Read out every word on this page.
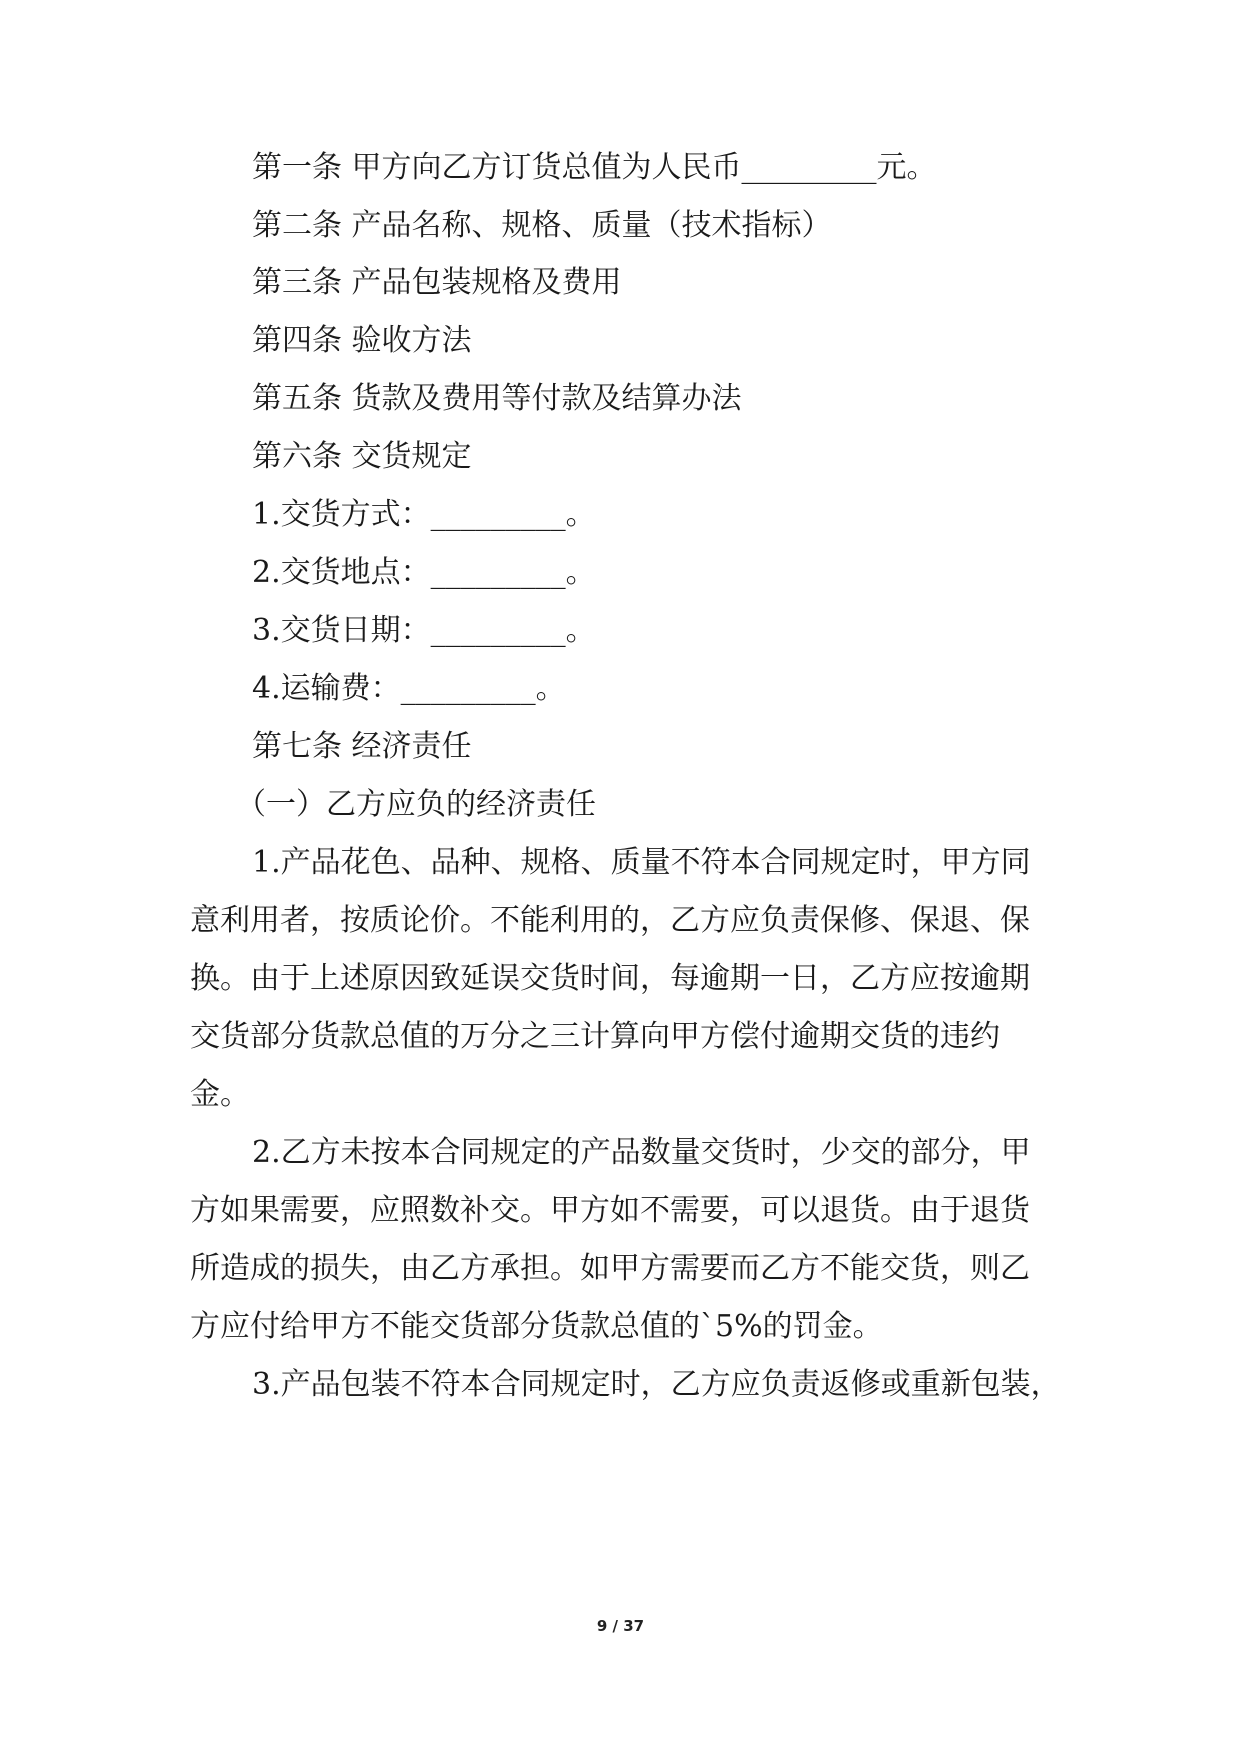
第一条 甲方向乙方订货总值为人民币_________元。
第二条 产品名称、规格、质量（技术指标）
第三条 产品包装规格及费用
第四条 验收方法
第五条 货款及费用等付款及结算办法
第六条 交货规定
1.交货方式：_________。
2.交货地点：_________。
3.交货日期：_________。
4.运输费：_________。
第七条 经济责任
（一）乙方应负的经济责任
1.产品花色、品种、规格、质量不符本合同规定时，甲方同
意利用者，按质论价。不能利用的，乙方应负责保修、保退、保
换。由于上述原因致延误交货时间，每逾期一日，乙方应按逾期
交货部分货款总值的万分之三计算向甲方偿付逾期交货的违约
金。
2.乙方未按本合同规定的产品数量交货时，少交的部分，甲
方如果需要，应照数补交。甲方如不需要，可以退货。由于退货
所造成的损失，由乙方承担。如甲方需要而乙方不能交货，则乙
方应付给甲方不能交货部分货款总值的`5%的罚金。
3.产品包装不符本合同规定时，乙方应负责返修或重新包装，
9 / 37
